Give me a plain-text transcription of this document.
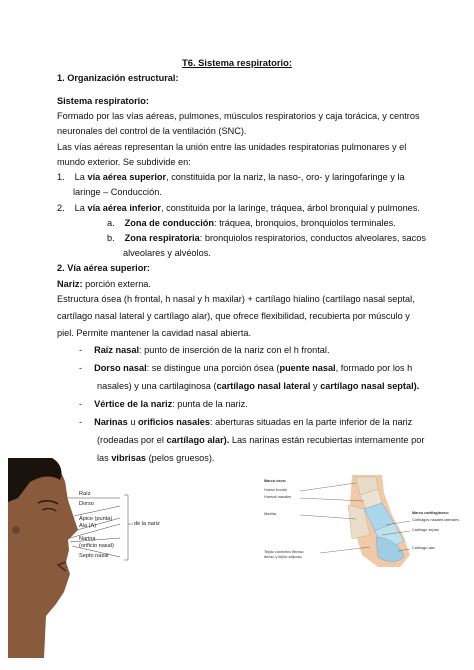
T6. Sistema respiratorio:
1. Organización estructural:
Sistema respiratorio:
Formado por las vías aéreas, pulmones, músculos respiratorios y caja torácica, y centros
neuronales del control de la ventilación (SNC).
Las vías aéreas representan la unión entre las unidades respiratorias pulmonares y el
mundo exterior. Se subdivide en:
1. La vía aérea superior, constituida por la nariz, la naso-, oro- y laringofaringe y la
laringe – Conducción.
2. La vía aérea inferior, constituida por la laringe, tráquea, árbol bronquial y pulmones.
a. Zona de conducción: tráquea, bronquios, bronquiolos terminales.
b. Zona respiratoria: bronquiolos respiratorios, conductos alveolares, sacos
alveolares y alvéolos.
2. Vía aérea superior:
Nariz: porción externa.
Estructura ósea (h frontal, h nasal y h maxilar) + cartílago hialino (cartílago nasal septal,
cartílago nasal lateral y cartílago alar), que ofrece flexibilidad, recubierta por músculo y
piel. Permite mantener la cavidad nasal abierta.
- Raíz nasal: punto de inserción de la nariz con el h frontal.
- Dorso nasal: se distingue una porción ósea (puente nasal, formado por los h
nasales) y una cartilaginosa (cartílago nasal lateral y cartílago nasal septal).
- Vértice de la nariz: punta de la nariz.
- Narinas u orificios nasales: aberturas situadas en la parte inferior de la nariz
(rodeadas por el cartílago alar). Las narinas están recubiertas internamente por
las vibrisas (pelos gruesos).
Raíz
Dorso
Ápice (punta)
Ala (A)
Narina
(orificio nasal)
Septo nasal
de la nariz
Marco óseo:
Hueso frontal
Huesos nasales
Maxilar
Tejido conectivo fibroso
denso y tejido adiposo
Marco cartilaginoso:
Cartílagos nasales laterales
Cartílago septal
Cartílago alar
